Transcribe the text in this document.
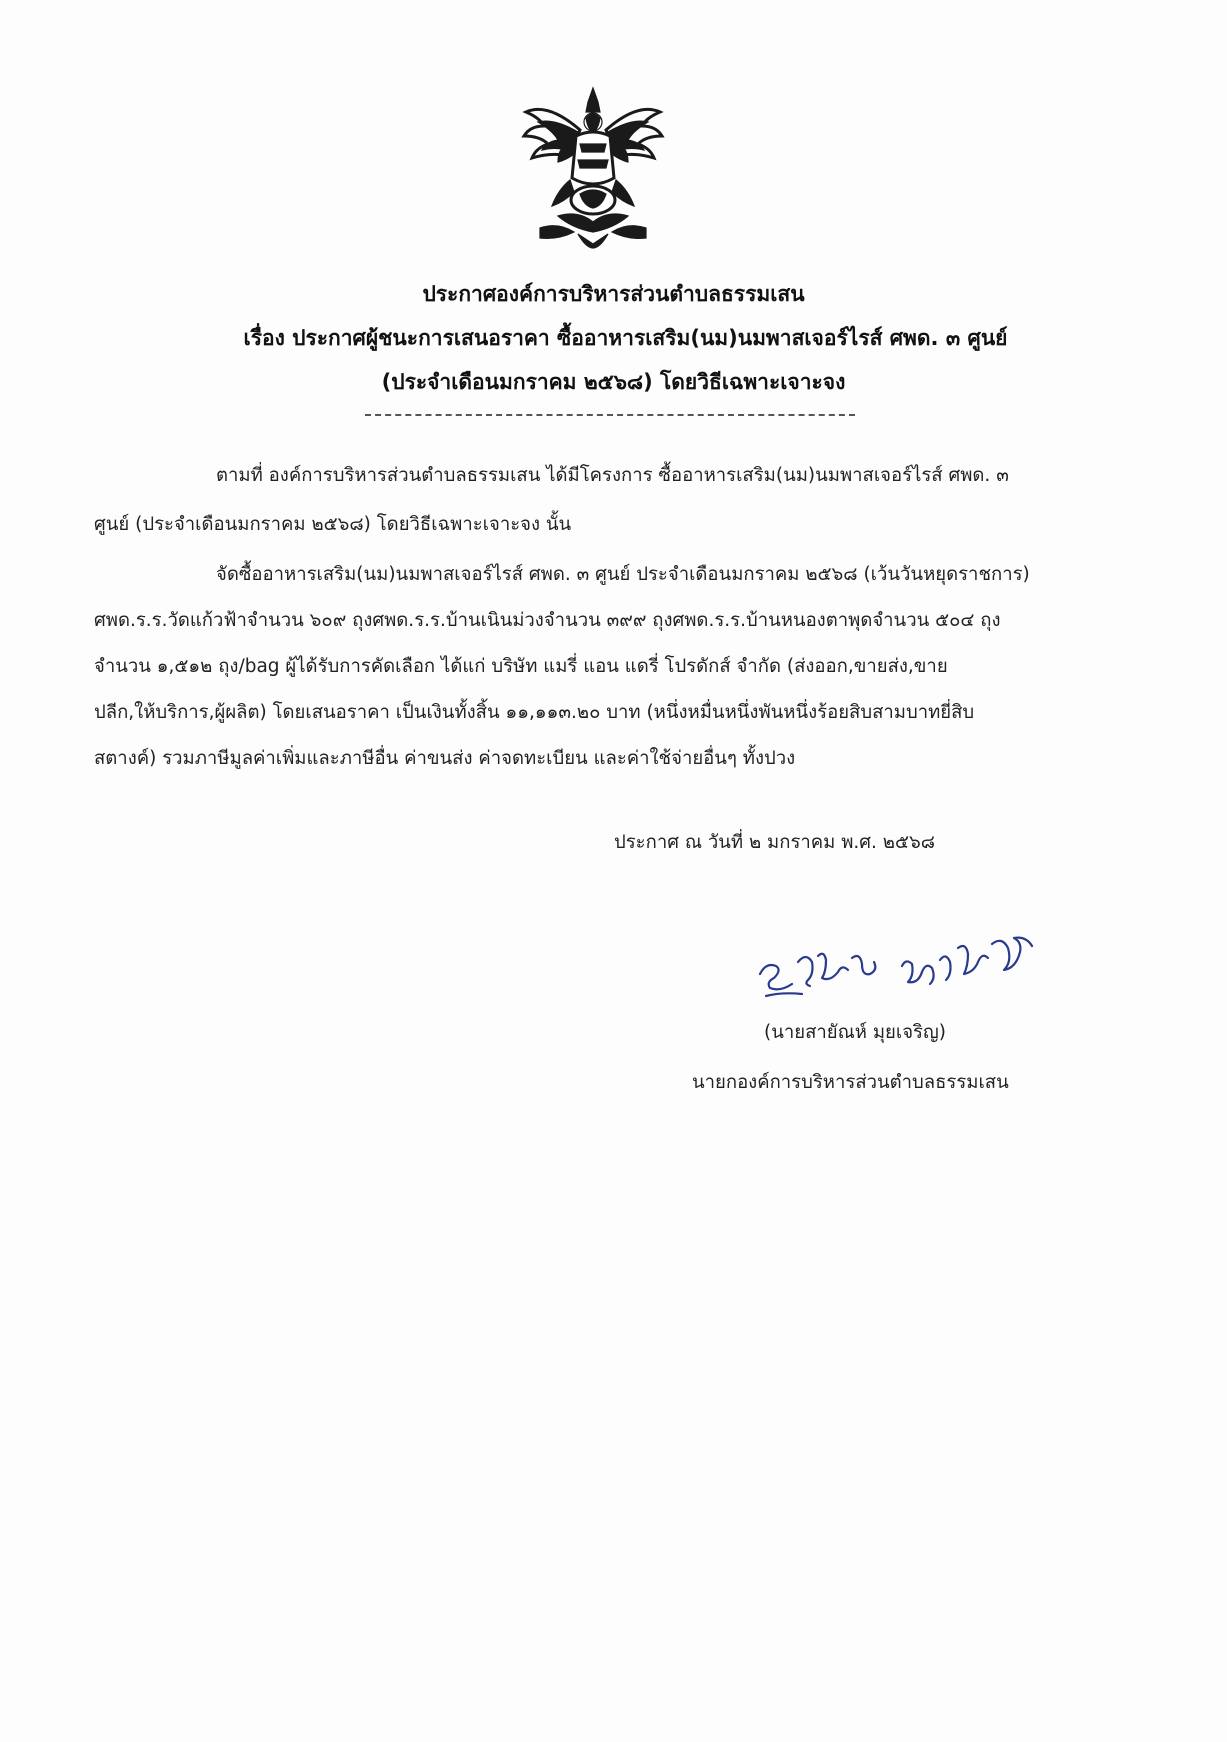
ประกาศองค์การบริหารส่วนตำบลธรรมเสน
เรื่อง ประกาศผู้ชนะการเสนอราคา ซื้ออาหารเสริม(นม)นมพาสเจอร์ไรส์ ศพด. ๓ ศูนย์
(ประจำเดือนมกราคม ๒๕๖๘) โดยวิธีเฉพาะเจาะจง
ตามที่ องค์การบริหารส่วนตำบลธรรมเสน ได้มีโครงการ ซื้ออาหารเสริม(นม)นมพาสเจอร์ไรส์ ศพด. ๓
ศูนย์ (ประจำเดือนมกราคม ๒๕๖๘) โดยวิธีเฉพาะเจาะจง นั้น
จัดซื้ออาหารเสริม(นม)นมพาสเจอร์ไรส์ ศพด. ๓ ศูนย์ ประจำเดือนมกราคม ๒๕๖๘ (เว้นวันหยุดราชการ)
ศพด.ร.ร.วัดแก้วฟ้าจำนวน ๖๐๙ ถุงศพด.ร.ร.บ้านเนินม่วงจำนวน ๓๙๙ ถุงศพด.ร.ร.บ้านหนองตาพุดจำนวน ๕๐๔ ถุง
จำนวน ๑,๕๑๒ ถุง/bag ผู้ได้รับการคัดเลือก ได้แก่ บริษัท แมรี่ แอน แดรี่ โปรดักส์ จำกัด (ส่งออก,ขายส่ง,ขาย
ปลีก,ให้บริการ,ผู้ผลิต) โดยเสนอราคา เป็นเงินทั้งสิ้น ๑๑,๑๑๓.๒๐ บาท (หนึ่งหมื่นหนึ่งพันหนึ่งร้อยสิบสามบาทยี่สิบ
สตางค์) รวมภาษีมูลค่าเพิ่มและภาษีอื่น ค่าขนส่ง ค่าจดทะเบียน และค่าใช้จ่ายอื่นๆ ทั้งปวง
ประกาศ ณ วันที่ ๒ มกราคม พ.ศ. ๒๕๖๘
(นายสายัณห์ มุยเจริญ)
นายกองค์การบริหารส่วนตำบลธรรมเสน
